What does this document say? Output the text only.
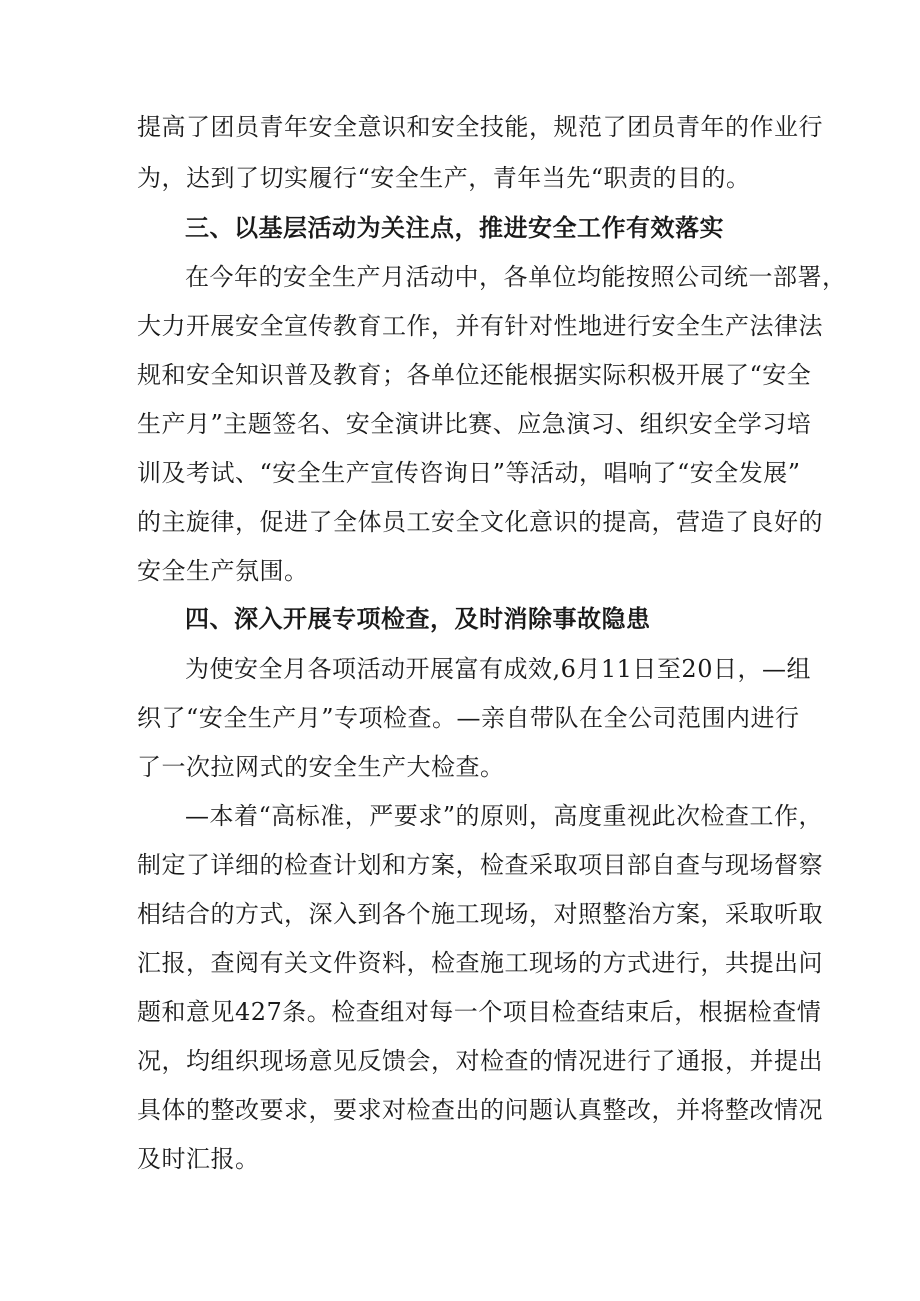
提高了团员青年安全意识和安全技能，规范了团员青年的作业行
为，达到了切实履行“安全生产，青年当先“职责的目的。
三、以基层活动为关注点，推进安全工作有效落实
在今年的安全生产月活动中，各单位均能按照公司统一部署，
大力开展安全宣传教育工作，并有针对性地进行安全生产法律法
规和安全知识普及教育；各单位还能根据实际积极开展了“安全
生产月”主题签名、安全演讲比赛、应急演习、组织安全学习培
训及考试、“安全生产宣传咨询日”等活动，唱响了“安全发展”
的主旋律，促进了全体员工安全文化意识的提高，营造了良好的
安全生产氛围。
四、深入开展专项检查，及时消除事故隐患
为使安全月各项活动开展富有成效,6月11日至20日，—组
织了“安全生产月”专项检查。—亲自带队在全公司范围内进行
了一次拉网式的安全生产大检查。
—本着“高标准，严要求”的原则，高度重视此次检查工作，
制定了详细的检查计划和方案，检查采取项目部自查与现场督察
相结合的方式，深入到各个施工现场，对照整治方案，采取听取
汇报，查阅有关文件资料，检查施工现场的方式进行，共提出问
题和意见427条。检查组对每一个项目检查结束后，根据检查情
况，均组织现场意见反馈会，对检查的情况进行了通报，并提出
具体的整改要求，要求对检查出的问题认真整改，并将整改情况
及时汇报。
